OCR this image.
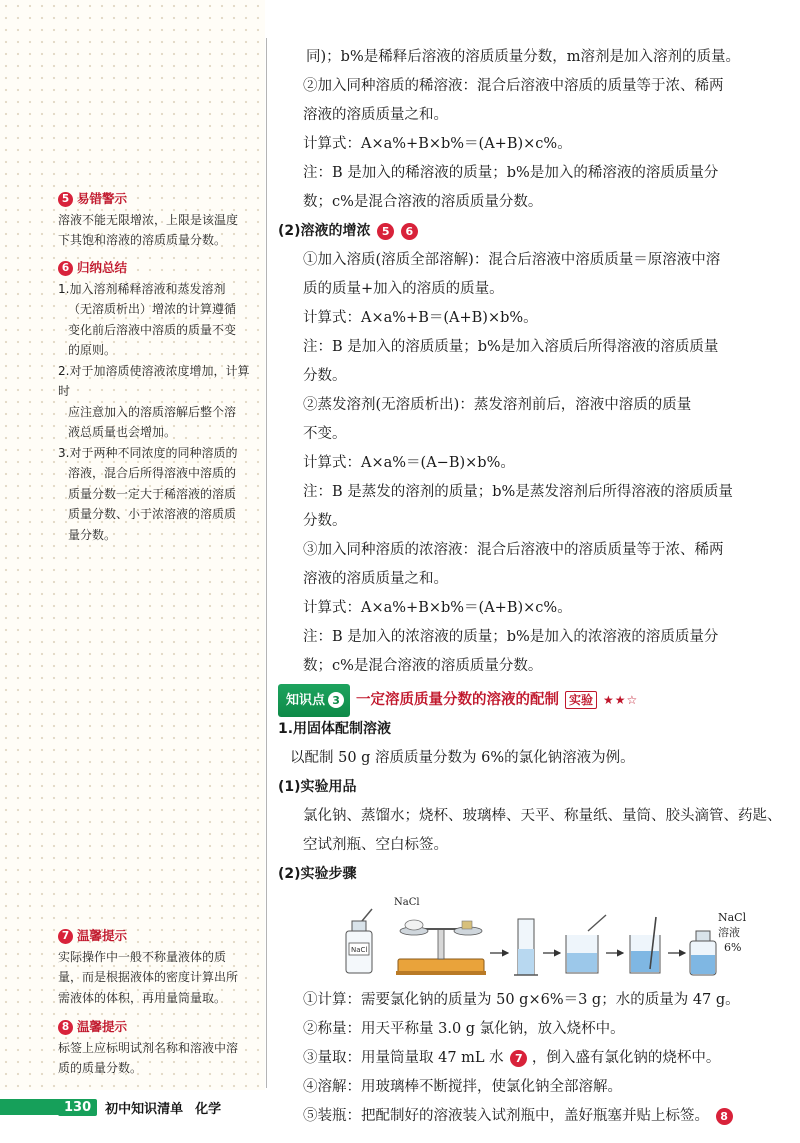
5 易错警示
溶液不能无限增浓，上限是该温度
下其饱和溶液的溶质质量分数。
6 归纳总结
1.加入溶剂稀释溶液和蒸发溶剂
（无溶质析出）增浓的计算遵循
变化前后溶液中溶质的质量不变
的原则。
2.对于加溶质使溶液浓度增加，计算时
应注意加入的溶质溶解后整个溶
液总质量也会增加。
3.对于两种不同浓度的同种溶质的
溶液，混合后所得溶液中溶质的
质量分数一定大于稀溶液的溶质
质量分数、小于浓溶液的溶质质
量分数。
7 温馨提示
实际操作中一般不称量液体的质
量，而是根据液体的密度计算出所
需液体的体积，再用量筒量取。
8 温馨提示
标签上应标明试剂名称和溶液中溶
质的质量分数。
同)；b%是稀释后溶液的溶质质量分数，m溶剂是加入溶剂的质量。
②加入同种溶质的稀溶液：混合后溶液中溶质的质量等于浓、稀两
溶液的溶质质量之和。
计算式：A×a%+B×b%＝(A+B)×c%。
注：B 是加入的稀溶液的质量；b%是加入的稀溶液的溶质质量分
数；c%是混合溶液的溶质质量分数。
(2)溶液的增浓 5 6
①加入溶质(溶质全部溶解)：混合后溶液中溶质质量＝原溶液中溶
质的质量+加入的溶质的质量。
计算式：A×a%+B＝(A+B)×b%。
注：B 是加入的溶质质量；b%是加入溶质后所得溶液的溶质质量
分数。
②蒸发溶剂(无溶质析出)：蒸发溶剂前后，溶液中溶质的质量
不变。
计算式：A×a%＝(A−B)×b%。
注：B 是蒸发的溶剂的质量；b%是蒸发溶剂后所得溶液的溶质质量
分数。
③加入同种溶质的浓溶液：混合后溶液中的溶质质量等于浓、稀两
溶液的溶质质量之和。
计算式：A×a%+B×b%＝(A+B)×c%。
注：B 是加入的浓溶液的质量；b%是加入的浓溶液的溶质质量分
数；c%是混合溶液的溶质质量分数。
知识点 3 一定溶质质量分数的溶液的配制 实验 ★★☆
1.用固体配制溶液
以配制 50 g 溶质质量分数为 6%的氯化钠溶液为例。
(1)实验用品
氯化钠、蒸馏水；烧杯、玻璃棒、天平、称量纸、量筒、胶头滴管、药匙、
空试剂瓶、空白标签。
(2)实验步骤
NaCl
NaCl
NaCl
溶液
6%
①计算：需要氯化钠的质量为 50 g×6%＝3 g；水的质量为 47 g。
②称量：用天平称量 3.0 g 氯化钠，放入烧杯中。
③量取：用量筒量取 47 mL 水 7 ，倒入盛有氯化钠的烧杯中。
④溶解：用玻璃棒不断搅拌，使氯化钠全部溶解。
⑤装瓶：把配制好的溶液装入试剂瓶中，盖好瓶塞并贴上标签。 8
130	初中知识清单 化学
